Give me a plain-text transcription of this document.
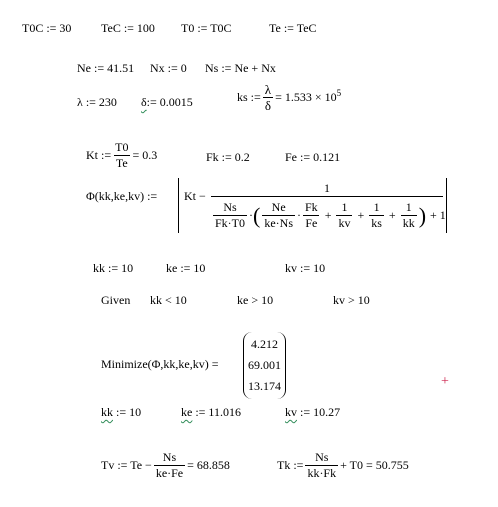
T0C := 30 TeC := 100 T0 := T0C	Te := TeC
Ne := 41.51 Nx := 0 Ns := Ne + Nx
λ := 230 δ:= 0.0015	ks := $\frac{\lambda}{\delta} = 1.533 \times 10^5$
Kt := $\frac{T0}{Te} = 0.3$	Fk := 0.2	Fe := 0.121
Φ(kk,ke,kv) := Kt −
1
$\frac{Ns}{Fk\cdot T0}$ · ( $\frac{Ne}{ke\cdot Ns} \cdot \frac{Fk}{Fe} + \frac{1}{kv} + \frac{1}{ks} + \frac{1}{kk}$ ) + 1
kk := 10	ke := 10	kv := 10
Given kk < 10	ke > 10	kv > 10
Minimize(Φ,kk,ke,kv) =
4.212
69.001
13.174	+
kk := 10	ke := 11.016	kv := 10.27
Tv := $Te - \frac{Ns}{ke\cdot Fe} = 68.858$	Tk := $\frac{Ns}{kk\cdot Fk} + T0 = 50.755$
